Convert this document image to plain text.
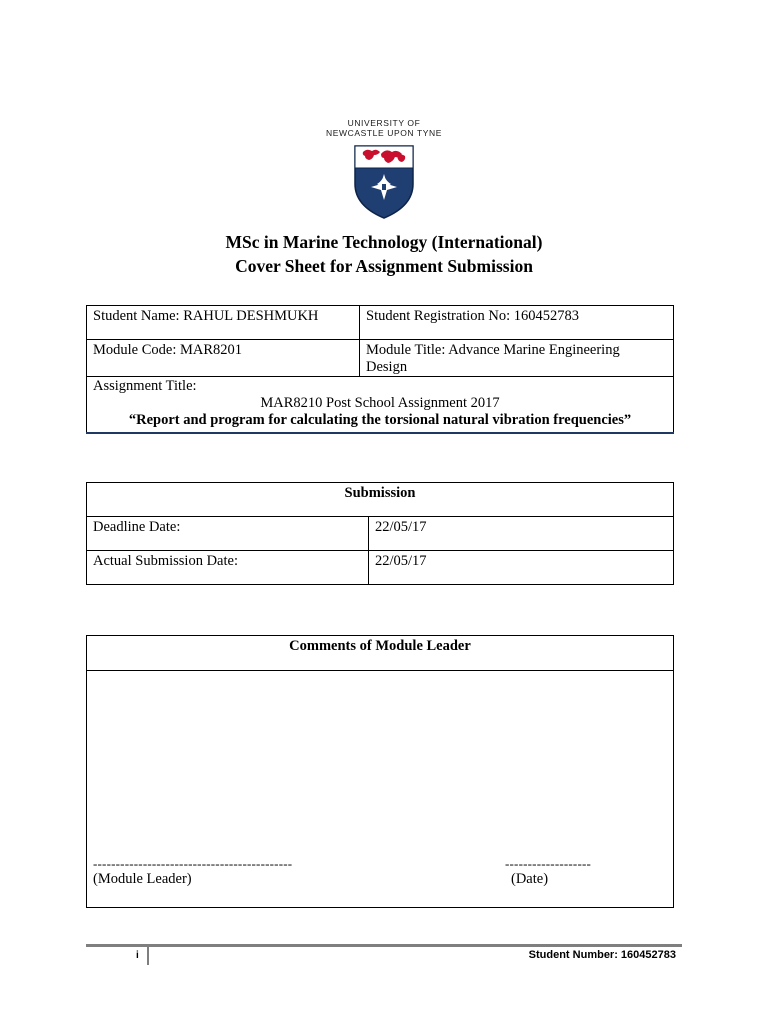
UNIVERSITY OF
NEWCASTLE UPON TYNE
MSc in Marine Technology (International)
Cover Sheet for Assignment Submission
Student Name: RAHUL DESHMUKH	Student Registration No: 160452783
Module Code: MAR8201	Module Title: Advance Marine Engineering
Design

Assignment Title:
MAR8210 Post School Assignment 2017
“Report and program for calculating the torsional natural vibration frequencies”	
Submission	
Deadline Date:	22/05/17
Actual Submission Date:	22/05/17
Comments of Module Leader

--------------------------------------------	-------------------
(Module Leader)	(Date)
i	Student Number: 160452783
